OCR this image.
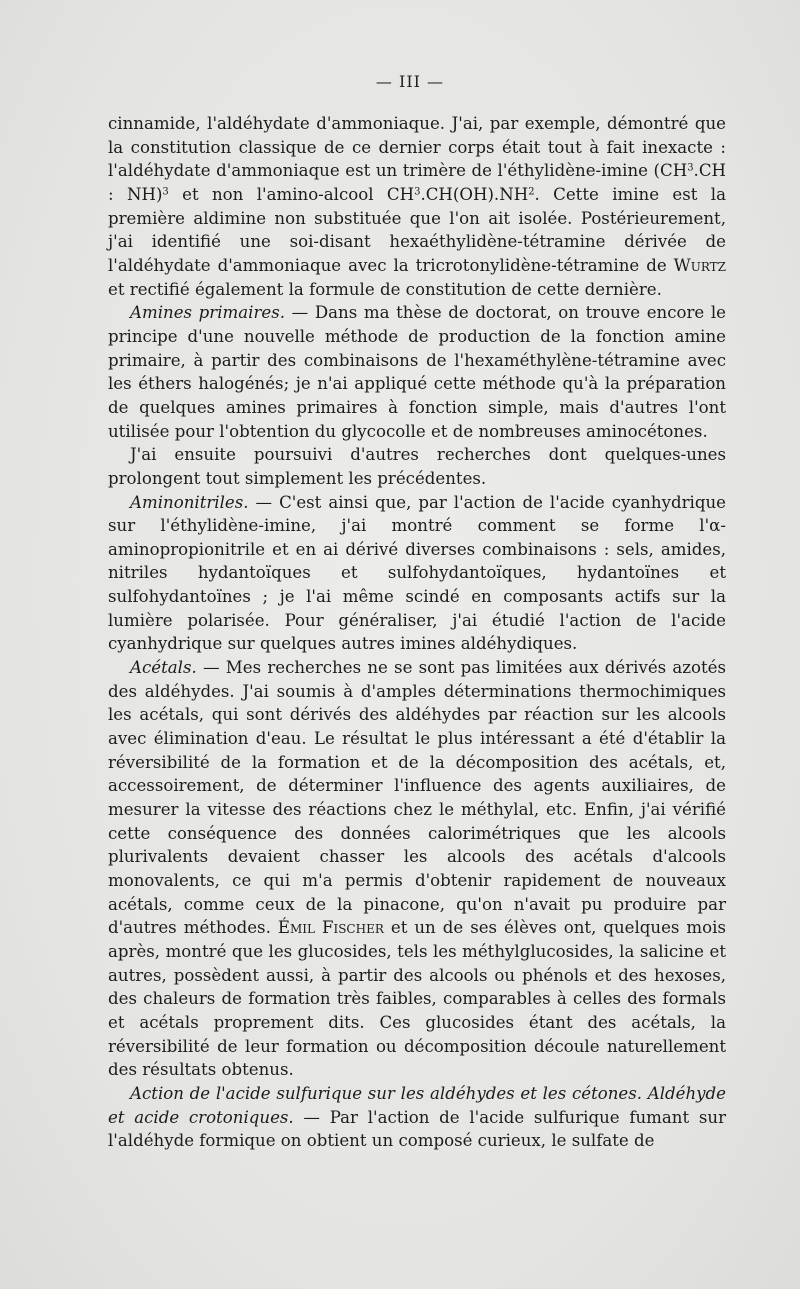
— III —

cinnamide, l'aldéhydate d'ammoniaque. J'ai, par exemple, démontré que la constitution classique de ce dernier corps était tout à fait inexacte : l'aldéhydate d'ammoniaque est un trimère de l'éthylidène-imine ($CH^3.CH$ : NH)$^3$ et non l'amino-alcool $CH^3.CH(OH).NH^2$. Cette imine est la première aldimine non substituée que l'on ait isolée. Postérieurement, j'ai identifié une soi-disant hexaéthylidène-tétramine dérivée de l'aldéhydate d'ammoniaque avec la tricrotonylidène-tétramine de Wurtz et rectifié également la formule de constitution de cette dernière.

Amines primaires. — Dans ma thèse de doctorat, on trouve encore le principe d'une nouvelle méthode de production de la fonction amine primaire, à partir des combinaisons de l'hexaméthylène-tétramine avec les éthers halogénés; je n'ai appliqué cette méthode qu'à la préparation de quelques amines primaires à fonction simple, mais d'autres l'ont utilisée pour l'obtention du glycocolle et de nombreuses aminocétones.

J'ai ensuite poursuivi d'autres recherches dont quelques-unes prolongent tout simplement les précédentes.

Aminonitriles. — C'est ainsi que, par l'action de l'acide cyanhydrique sur l'éthylidène-imine, j'ai montré comment se forme l'α-aminopropionitrile et en ai dérivé diverses combinaisons : sels, amides, nitriles hydantoïques et sulfohydantoïques, hydantoïnes et sulfohydantoïnes ; je l'ai même scindé en composants actifs sur la lumière polarisée. Pour généraliser, j'ai étudié l'action de l'acide cyanhydrique sur quelques autres imines aldéhydiques.

Acétals. — Mes recherches ne se sont pas limitées aux dérivés azotés des aldéhydes. J'ai soumis à d'amples déterminations thermochimiques les acétals, qui sont dérivés des aldéhydes par réaction sur les alcools avec élimination d'eau. Le résultat le plus intéressant a été d'établir la réversibilité de la formation et de la décomposition des acétals, et, accessoirement, de déterminer l'influence des agents auxiliaires, de mesurer la vitesse des réactions chez le méthylal, etc. Enfin, j'ai vérifié cette conséquence des données calorimétriques que les alcools plurivalents devaient chasser les alcools des acétals d'alcools monovalents, ce qui m'a permis d'obtenir rapidement de nouveaux acétals, comme ceux de la pinacone, qu'on n'avait pu produire par d'autres méthodes. Émil Fischer et un de ses élèves ont, quelques mois après, montré que les glucosides, tels les méthylglucosides, la salicine et autres, possèdent aussi, à partir des alcools ou phénols et des hexoses, des chaleurs de formation très faibles, comparables à celles des formals et acétals proprement dits. Ces glucosides étant des acétals, la réversibilité de leur formation ou décomposition découle naturellement des résultats obtenus.

Action de l'acide sulfurique sur les aldéhydes et les cétones. Aldéhyde et acide crotoniques. — Par l'action de l'acide sulfurique fumant sur l'aldéhyde formique on obtient un composé curieux, le sulfate de
